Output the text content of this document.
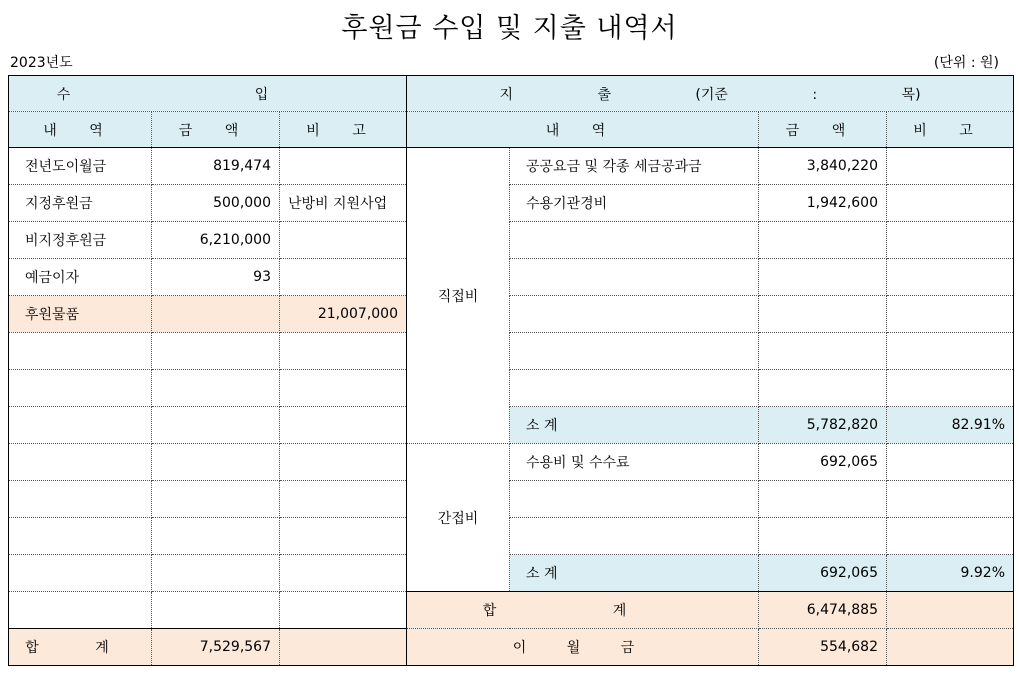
후원금 수입 및 지출 내역서
2023년도	(단위 : 원)
수 입			지 출 (기준 : 목)			
내 역	금 액	비 고	내 역		금 액	비 고
전년도이월금	819,474		직접비	공공요금 및 각종 세금공과금	3,840,220	
지정후원금	500,000	난방비 지원사업		수용기관경비	1,942,600	
비지정후원금	6,210,000					
예금이자	93					
후원물품		21,007,000				

				소 계	5,782,820	82.91%
			간접비	수용비 및 수수료	692,065	

				소 계	692,065	9.92%
			합 계		6,474,885	
합 계	7,529,567		이 월 금		554,682	
